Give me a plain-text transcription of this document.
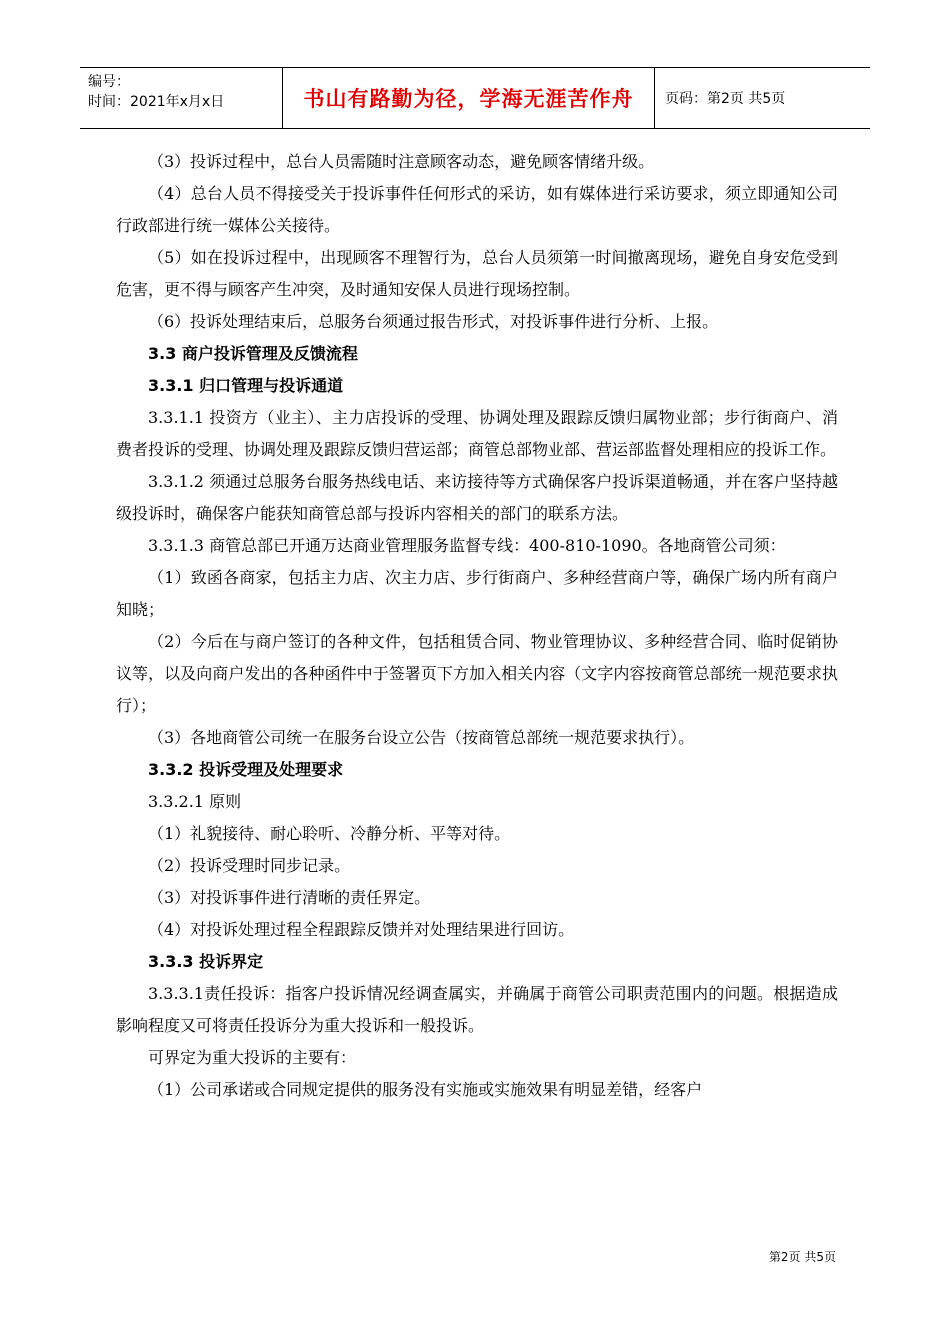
编号：
时间：2021年x月x日	书山有路勤为径，学海无涯苦作舟	页码：第2页 共5页

（3）投诉过程中，总台人员需随时注意顾客动态，避免顾客情绪升级。

（4）总台人员不得接受关于投诉事件任何形式的采访，如有媒体进行采访要求，须立即通知公司行政部进行统一媒体公关接待。

（5）如在投诉过程中，出现顾客不理智行为，总台人员须第一时间撤离现场，避免自身安危受到危害，更不得与顾客产生冲突，及时通知安保人员进行现场控制。

（6）投诉处理结束后，总服务台须通过报告形式，对投诉事件进行分析、上报。

3.3 商户投诉管理及反馈流程

3.3.1 归口管理与投诉通道

3.3.1.1 投资方（业主）、主力店投诉的受理、协调处理及跟踪反馈归属物业部；步行街商户、消费者投诉的受理、协调处理及跟踪反馈归营运部；商管总部物业部、营运部监督处理相应的投诉工作。

3.3.1.2 须通过总服务台服务热线电话、来访接待等方式确保客户投诉渠道畅通，并在客户坚持越级投诉时，确保客户能获知商管总部与投诉内容相关的部门的联系方法。

3.3.1.3 商管总部已开通万达商业管理服务监督专线：400-810-1090。各地商管公司须：

（1）致函各商家，包括主力店、次主力店、步行街商户、多种经营商户等，确保广场内所有商户知晓；

（2）今后在与商户签订的各种文件，包括租赁合同、物业管理协议、多种经营合同、临时促销协议等，以及向商户发出的各种函件中于签署页下方加入相关内容（文字内容按商管总部统一规范要求执行）；

（3）各地商管公司统一在服务台设立公告（按商管总部统一规范要求执行）。

3.3.2 投诉受理及处理要求

3.3.2.1 原则

（1）礼貌接待、耐心聆听、冷静分析、平等对待。

（2）投诉受理时同步记录。

（3）对投诉事件进行清晰的责任界定。

（4）对投诉处理过程全程跟踪反馈并对处理结果进行回访。

3.3.3 投诉界定

3.3.3.1责任投诉：指客户投诉情况经调查属实，并确属于商管公司职责范围内的问题。根据造成影响程度又可将责任投诉分为重大投诉和一般投诉。

可界定为重大投诉的主要有：

（1）公司承诺或合同规定提供的服务没有实施或实施效果有明显差错，经客户

第2页 共5页
